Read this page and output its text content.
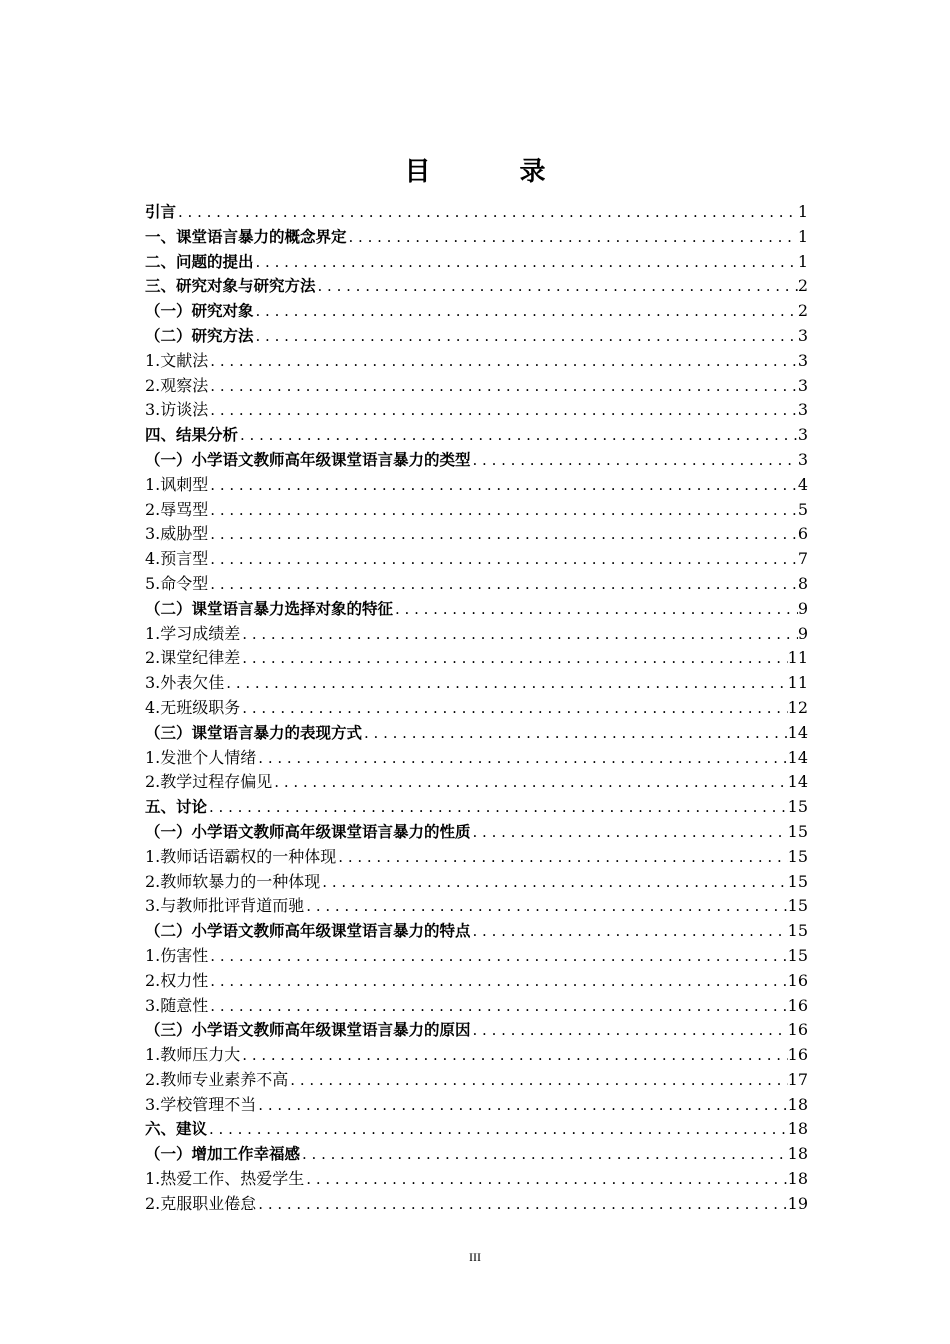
目 录
引言 . . .	1
一、课堂语言暴力的概念界定 . . .	1
二、问题的提出 . . .	1
三、研究对象与研究方法 . . .	2
（一）研究对象 . . .	2
（二）研究方法 . . .	3
1.文献法 . . .	3
2.观察法 . . .	3
3.访谈法 . . .	3
四、结果分析 . . .	3
（一）小学语文教师高年级课堂语言暴力的类型 . . .	3
1.讽刺型 . . .	4
2.辱骂型 . . .	5
3.威胁型 . . .	6
4.预言型 . . .	7
5.命令型 . . .	8
（二）课堂语言暴力选择对象的特征 . . .	9
1.学习成绩差 . . .	9
2.课堂纪律差 . . .	11
3.外表欠佳 . . .	11
4.无班级职务 . . .	12
（三）课堂语言暴力的表现方式 . . .	14
1.发泄个人情绪 . . .	14
2.教学过程存偏见 . . .	14
五、讨论 . . .	15
（一）小学语文教师高年级课堂语言暴力的性质 . . .	15
1.教师话语霸权的一种体现 . . .	15
2.教师软暴力的一种体现 . . .	15
3.与教师批评背道而驰 . . .	15
（二）小学语文教师高年级课堂语言暴力的特点 . . .	15
1.伤害性 . . .	15
2.权力性 . . .	16
3.随意性 . . .	16
（三）小学语文教师高年级课堂语言暴力的原因 . . .	16
1.教师压力大 . . .	16
2.教师专业素养不高 . . .	17
3.学校管理不当 . . .	18
六、建议 . . .	18
（一）增加工作幸福感 . . .	18
1.热爱工作、热爱学生 . . .	18
2.克服职业倦怠 . . .	19
III
